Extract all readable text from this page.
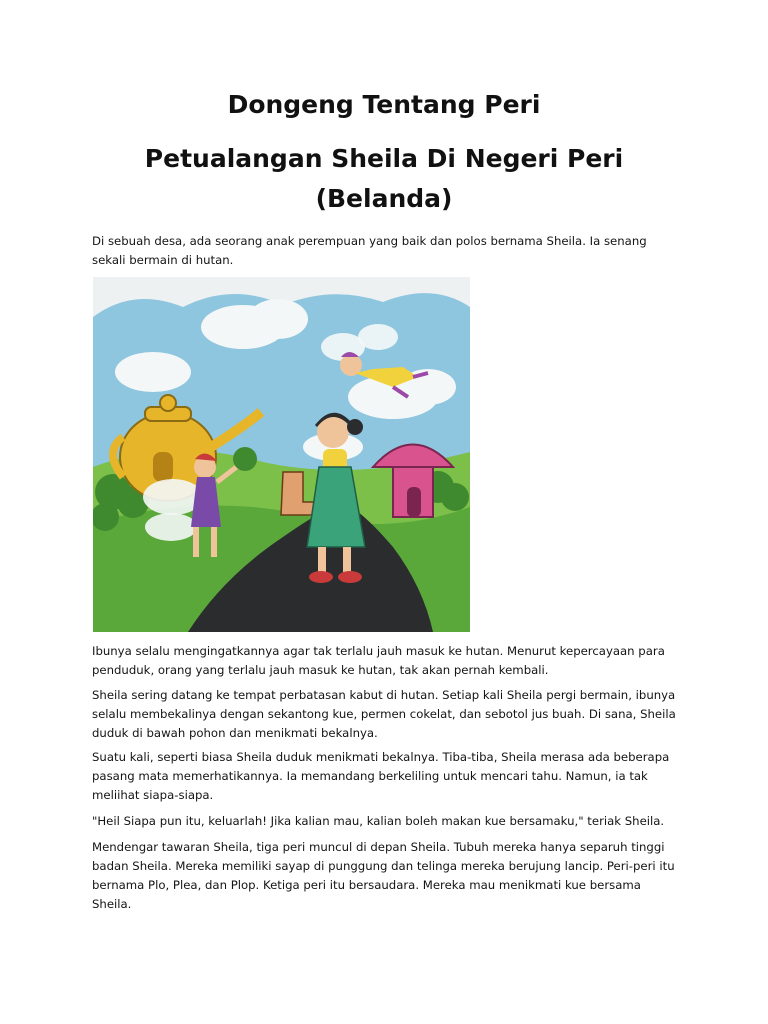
Dongeng Tentang Peri
Petualangan Sheila Di Negeri Peri
(Belanda)

Di sebuah desa, ada seorang anak perempuan yang baik dan polos bernama Sheila. Ia senang sekali bermain di hutan.

Ibunya selalu mengingatkannya agar tak terlalu jauh masuk ke hutan. Menurut kepercayaan para penduduk, orang yang terlalu jauh masuk ke hutan, tak akan pernah kembali.

Sheila sering datang ke tempat perbatasan kabut di hutan. Setiap kali Sheila pergi bermain, ibunya selalu membekalinya dengan sekantong kue, permen cokelat, dan sebotol jus buah. Di sana, Sheila duduk di bawah pohon dan menikmati bekalnya.

Suatu kali, seperti biasa Sheila duduk menikmati bekalnya. Tiba-tiba, Sheila merasa ada beberapa pasang mata memerhatikannya. Ia memandang berkeliling untuk mencari tahu. Namun, ia tak meliihat siapa-siapa.

"Heil Siapa pun itu, keluarlah! Jika kalian mau, kalian boleh makan kue bersamaku," teriak Sheila.

Mendengar tawaran Sheila, tiga peri muncul di depan Sheila. Tubuh mereka hanya separuh tinggi badan Sheila. Mereka memiliki sayap di punggung dan telinga mereka berujung lancip. Peri-peri itu bernama Plo, Plea, dan Plop. Ketiga peri itu bersaudara. Mereka mau menikmati kue bersama Sheila.
